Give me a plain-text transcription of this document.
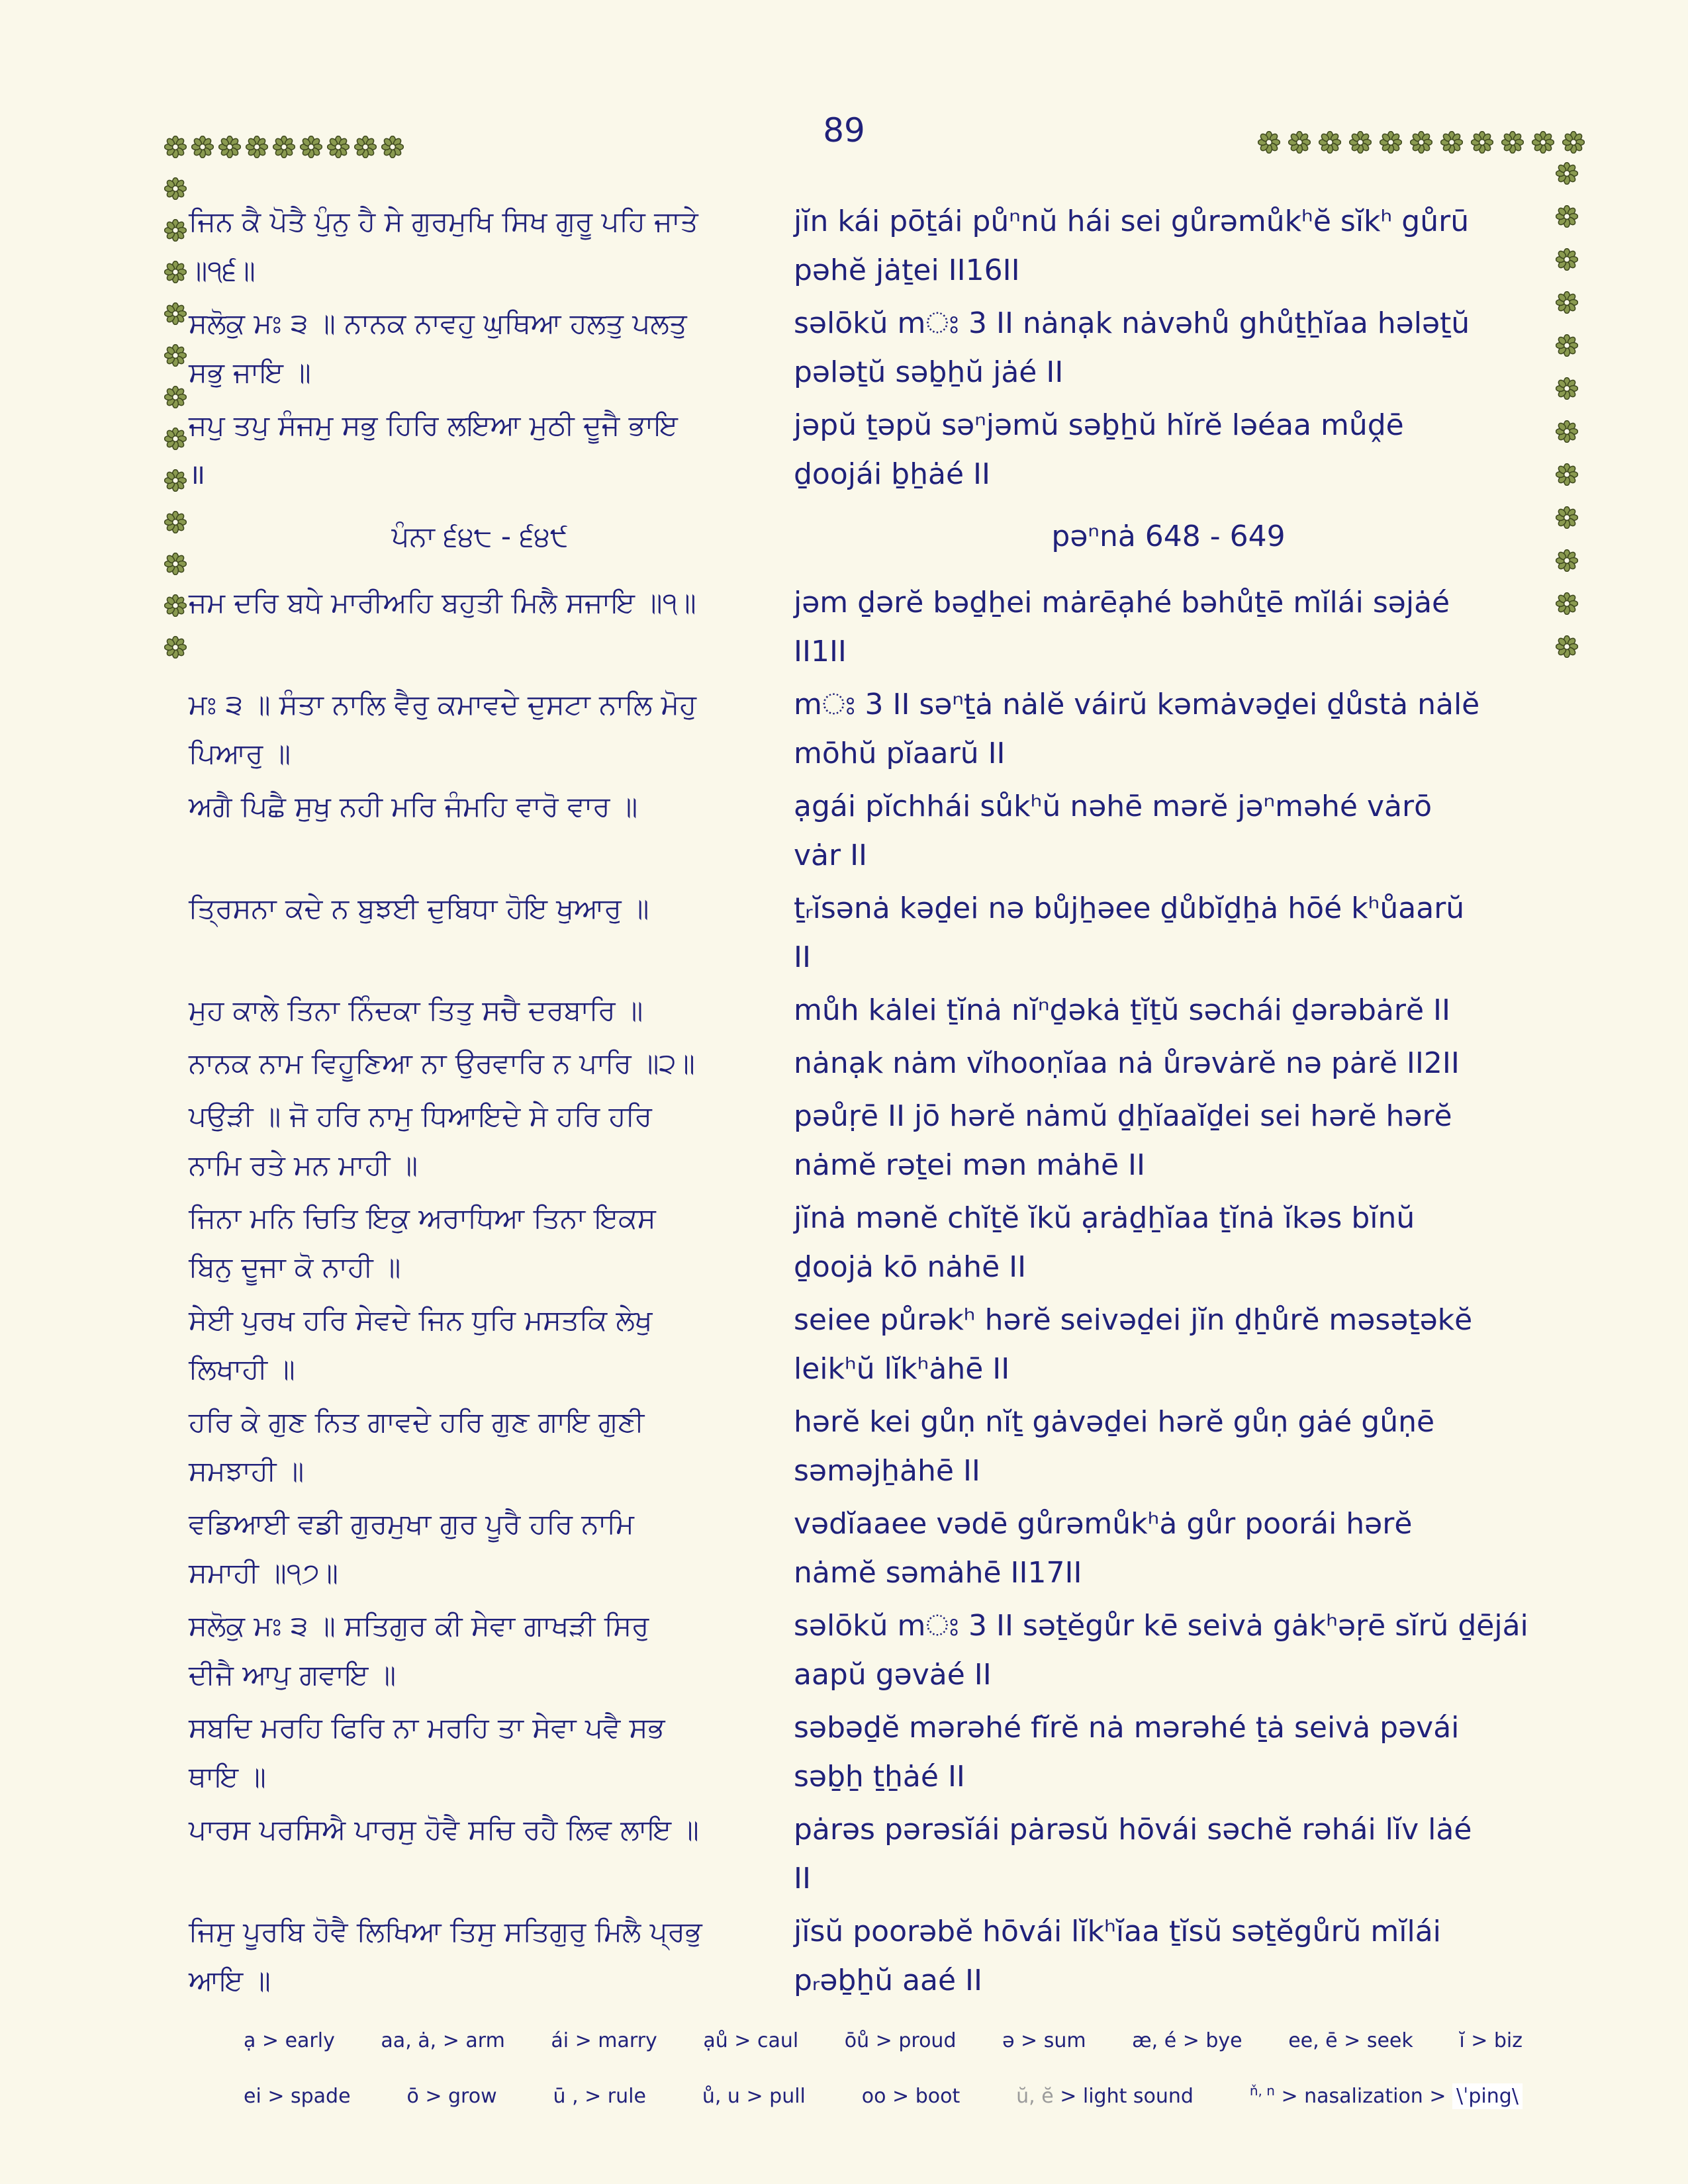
89
ਜਿਨ ਕੈ ਪੋਤੈ ਪੁੰਨੁ ਹੈ ਸੇ ਗੁਰਮੁਖਿ ਸਿਖ ਗੁਰੂ ਪਹਿ ਜਾਤੇ
॥੧੬॥
jĭn kái pōṯái půⁿnŭ hái sei gůrəmůkʰĕ sĭkʰ gůrū
pəhĕ jȧṯei II16II
ਸਲੋਕੁ ਮਃ ੩ ॥ ਨਾਨਕ ਨਾਵਹੁ ਘੁਥਿਆ ਹਲਤੁ ਪਲਤੁ
ਸਭੁ ਜਾਇ ॥
səlōkŭ mਃ 3 II nȧnạk nȧvəhů ghůṯẖĭaa hələṯŭ
pələṯŭ səḇẖŭ jȧé II
ਜਪੁ ਤਪੁ ਸੰਜਮੁ ਸਭੁ ਹਿਰਿ ਲਇਆ ਮੁਠੀ ਦੂਜੈ ਭਾਇ
॥
jəpŭ ṯəpŭ səⁿjəmŭ səḇẖŭ hĭrĕ ləéaa můḓē
ḏoojái ḇẖȧé II
ਪੰਨਾ ੬੪੮ - ੬੪੯	pəⁿnȧ 648 - 649
ਜਮ ਦਰਿ ਬਧੇ ਮਾਰੀਅਹਿ ਬਹੁਤੀ ਮਿਲੈ ਸਜਾਇ ॥੧॥	jəm ḏərĕ bəḏẖei mȧrēạhé bəhůṯē mĭlái səjȧé
II1II
ਮਃ ੩ ॥ ਸੰਤਾ ਨਾਲਿ ਵੈਰੁ ਕਮਾਵਦੇ ਦੁਸਟਾ ਨਾਲਿ ਮੋਹੁ
ਪਿਆਰੁ ॥
mਃ 3 II səⁿṯȧ nȧlĕ váirŭ kəmȧvəḏei ḏůstȧ nȧlĕ
mōhŭ pĭaarŭ II
ਅਗੈ ਪਿਛੈ ਸੁਖੁ ਨਹੀ ਮਰਿ ਜੰਮਹਿ ਵਾਰੋ ਵਾਰ ॥	ạgái pĭchhái sůkʰŭ nəhē mərĕ jəⁿməhé vȧrō
vȧr II
ਤ੍ਰਿਸਨਾ ਕਦੇ ਨ ਬੁਝਈ ਦੁਬਿਧਾ ਹੋਇ ਖੁਆਰੁ ॥	ṯᵣĭsənȧ kəḏei nə bůjẖəee ḏůbĭḏẖȧ hōé kʰůaarŭ
II
ਮੁਹ ਕਾਲੇ ਤਿਨਾ ਨਿੰਦਕਾ ਤਿਤੁ ਸਚੈ ਦਰਬਾਰਿ ॥	můh kȧlei ṯĭnȧ nĭⁿḏəkȧ ṯĭṯŭ səchái ḏərəbȧrĕ II
ਨਾਨਕ ਨਾਮ ਵਿਹੂਣਿਆ ਨਾ ਉਰਵਾਰਿ ਨ ਪਾਰਿ ॥੨॥	nȧnạk nȧm vĭhooṇĭaa nȧ ůrəvȧrĕ nə pȧrĕ II2II
ਪਉੜੀ ॥ ਜੋ ਹਰਿ ਨਾਮੁ ਧਿਆਇਦੇ ਸੇ ਹਰਿ ਹਰਿ
ਨਾਮਿ ਰਤੇ ਮਨ ਮਾਹੀ ॥
pəůṛē II jō hərĕ nȧmŭ ḏẖĭaaĭḏei sei hərĕ hərĕ
nȧmĕ rəṯei mən mȧhē II
ਜਿਨਾ ਮਨਿ ਚਿਤਿ ਇਕੁ ਅਰਾਧਿਆ ਤਿਨਾ ਇਕਸ
ਬਿਨੁ ਦੂਜਾ ਕੋ ਨਾਹੀ ॥
jĭnȧ mənĕ chĭṯĕ ĭkŭ ạrȧḏẖĭaa ṯĭnȧ ĭkəs bĭnŭ
ḏoojȧ kō nȧhē II
ਸੇਈ ਪੁਰਖ ਹਰਿ ਸੇਵਦੇ ਜਿਨ ਧੁਰਿ ਮਸਤਕਿ ਲੇਖੁ
ਲਿਖਾਹੀ ॥
seiee půrəkʰ hərĕ seivəḏei jĭn ḏẖůrĕ məsəṯəkĕ
leikʰŭ lĭkʰȧhē II
ਹਰਿ ਕੇ ਗੁਣ ਨਿਤ ਗਾਵਦੇ ਹਰਿ ਗੁਣ ਗਾਇ ਗੁਣੀ
ਸਮਝਾਹੀ ॥
hərĕ kei gůṇ nĭṯ gȧvəḏei hərĕ gůṇ gȧé gůṇē
səməjẖȧhē II
ਵਡਿਆਈ ਵਡੀ ਗੁਰਮੁਖਾ ਗੁਰ ਪੂਰੈ ਹਰਿ ਨਾਮਿ
ਸਮਾਹੀ ॥੧੭॥
vədĭaaee vədē gůrəmůkʰȧ gůr poorái hərĕ
nȧmĕ səmȧhē II17II
ਸਲੋਕੁ ਮਃ ੩ ॥ ਸਤਿਗੁਰ ਕੀ ਸੇਵਾ ਗਾਖੜੀ ਸਿਰੁ
ਦੀਜੈ ਆਪੁ ਗਵਾਇ ॥
səlōkŭ mਃ 3 II səṯĕgůr kē seivȧ gȧkʰəṛē sĭrŭ ḏējái
aapŭ gəvȧé II
ਸਬਦਿ ਮਰਹਿ ਫਿਰਿ ਨਾ ਮਰਹਿ ਤਾ ਸੇਵਾ ਪਵੈ ਸਭ
ਥਾਇ ॥
səbəḏĕ mərəhé fĭrĕ nȧ mərəhé ṯȧ seivȧ pəvái
səḇẖ ṯẖȧé II
ਪਾਰਸ ਪਰਸਿਐ ਪਾਰਸੁ ਹੋਵੈ ਸਚਿ ਰਹੈ ਲਿਵ ਲਾਇ ॥	pȧrəs pərəsĭái pȧrəsŭ hōvái səchĕ rəhái lĭv lȧé
II
ਜਿਸੁ ਪੂਰਬਿ ਹੋਵੈ ਲਿਖਿਆ ਤਿਸੁ ਸਤਿਗੁਰੁ ਮਿਲੈ ਪ੍ਰਭੁ
ਆਇ ॥
jĭsŭ poorəbĕ hōvái lĭkʰĭaa ṯĭsŭ səṯĕgůrŭ mĭlái
pᵣəḇẖŭ aaé II
ạ > early aa, ȧ, > arm ái > marry ạů > caul ōů > proud ə > sum æ, é > bye ee, ē > seek ĭ > biz
ei > spade	ō > grow	ū , > rule	ů, u > pull	oo > boot	ŭ, ĕ > light sound	$^{ň, n}$ > nasalization > \ˈping\
